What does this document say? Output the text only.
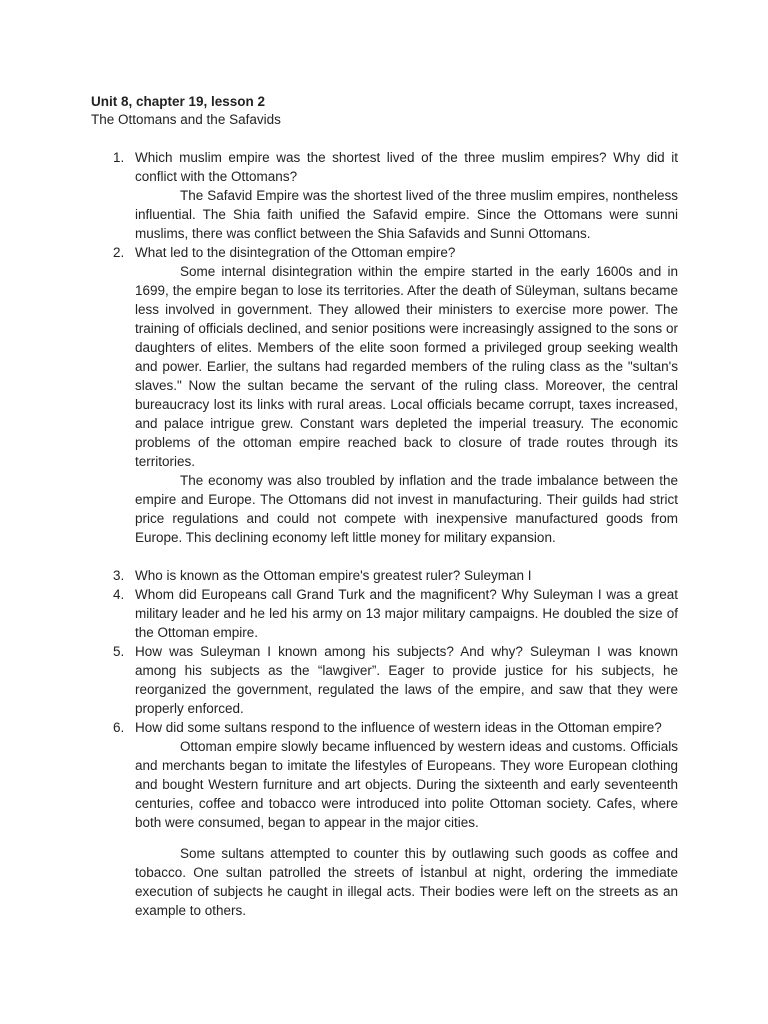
Unit 8, chapter 19, lesson 2

The Ottomans and the Safavids

1. Which muslim empire was the shortest lived of the three muslim empires? Why did it conflict with the Ottomans?

The Safavid Empire was the shortest lived of the three muslim empires, nontheless influential. The Shia faith unified the Safavid empire. Since the Ottomans were sunni muslims, there was conflict between the Shia Safavids and Sunni Ottomans.

2. What led to the disintegration of the Ottoman empire?

Some internal disintegration within the empire started in the early 1600s and in 1699, the empire began to lose its territories. After the death of Süleyman, sultans became less involved in government. They allowed their ministers to exercise more power. The training of officials declined, and senior positions were increasingly assigned to the sons or daughters of elites. Members of the elite soon formed a privileged group seeking wealth and power. Earlier, the sultans had regarded members of the ruling class as the "sultan's slaves." Now the sultan became the servant of the ruling class. Moreover, the central bureaucracy lost its links with rural areas. Local officials became corrupt, taxes increased, and palace intrigue grew. Constant wars depleted the imperial treasury. The economic problems of the ottoman empire reached back to closure of trade routes through its territories.

The economy was also troubled by inflation and the trade imbalance between the empire and Europe. The Ottomans did not invest in manufacturing. Their guilds had strict price regulations and could not compete with inexpensive manufactured goods from Europe. This declining economy left little money for military expansion.

3. Who is known as the Ottoman empire's greatest ruler? Suleyman I

4. Whom did Europeans call Grand Turk and the magnificent? Why Suleyman I was a great military leader and he led his army on 13 major military campaigns. He doubled the size of the Ottoman empire.

5. How was Suleyman I known among his subjects? And why? Suleyman I was known among his subjects as the “lawgiver”. Eager to provide justice for his subjects, he reorganized the government, regulated the laws of the empire, and saw that they were properly enforced.

6. How did some sultans respond to the influence of western ideas in the Ottoman empire?

Ottoman empire slowly became influenced by western ideas and customs. Officials and merchants began to imitate the lifestyles of Europeans. They wore European clothing and bought Western furniture and art objects. During the sixteenth and early seventeenth centuries, coffee and tobacco were introduced into polite Ottoman society. Cafes, where both were consumed, began to appear in the major cities.

Some sultans attempted to counter this by outlawing such goods as coffee and tobacco. One sultan patrolled the streets of İstanbul at night, ordering the immediate execution of subjects he caught in illegal acts. Their bodies were left on the streets as an example to others.
